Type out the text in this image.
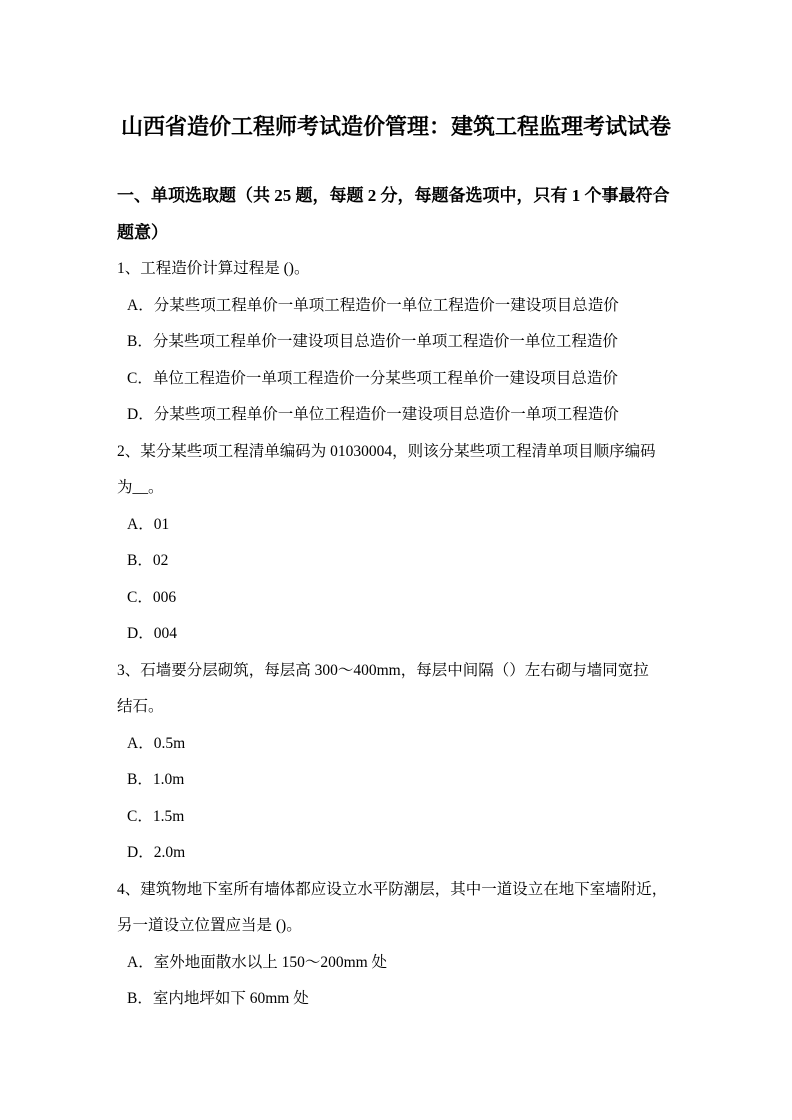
山西省造价工程师考试造价管理：建筑工程监理考试试卷

一、单项选取题（共 25 题，每题 2 分，每题备选项中，只有 1 个事最符合

题意）

1、工程造价计算过程是 ()。

A．分某些项工程单价一单项工程造价一单位工程造价一建设项目总造价

B．分某些项工程单价一建设项目总造价一单项工程造价一单位工程造价

C．单位工程造价一单项工程造价一分某些项工程单价一建设项目总造价

D．分某些项工程单价一单位工程造价一建设项目总造价一单项工程造价

2、某分某些项工程清单编码为 01030004，则该分某些项工程清单项目顺序编码

为__。

A．01

B．02

C．006

D．004

3、石墙要分层砌筑，每层高 300～400mm，每层中间隔（）左右砌与墙同宽拉

结石。

A．0.5m

B．1.0m

C．1.5m

D．2.0m

4、建筑物地下室所有墙体都应设立水平防潮层，其中一道设立在地下室墙附近，

另一道设立位置应当是 ()。

A．室外地面散水以上 150～200mm 处

B．室内地坪如下 60mm 处
